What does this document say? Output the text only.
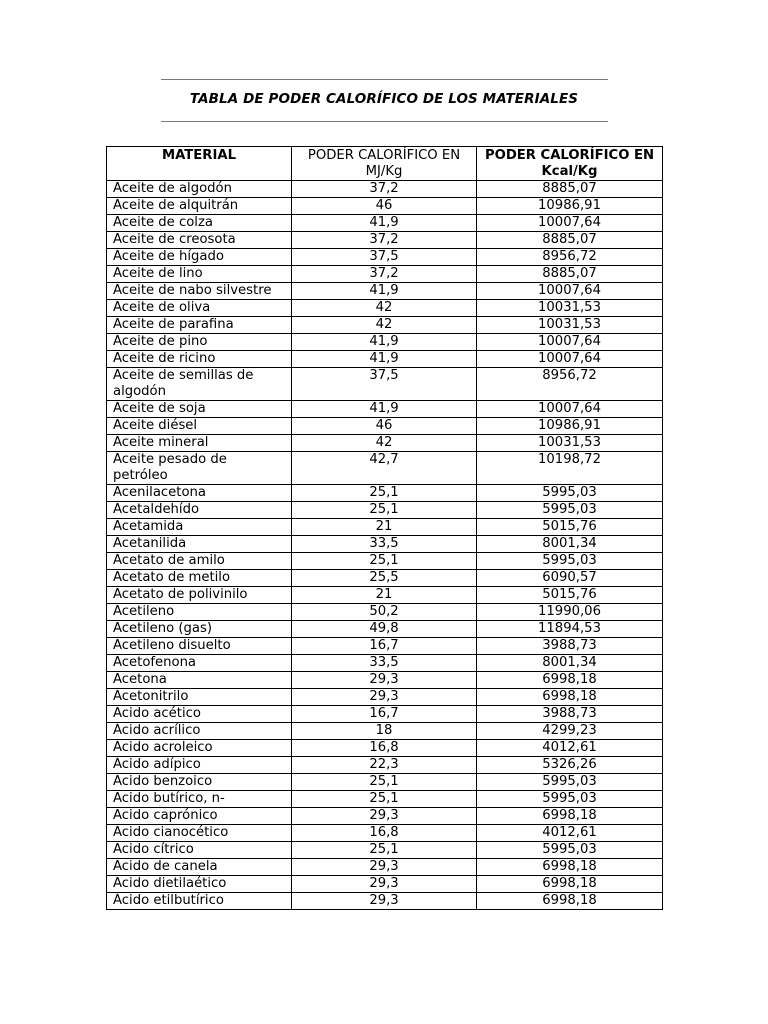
TABLA DE PODER CALORÍFICO DE LOS MATERIALES
MATERIAL	PODER CALORÍFICO EN MJ/Kg	PODER CALORÍFICO EN Kcal/Kg
Aceite de algodón	37,2	8885,07
Aceite de alquitrán	46	10986,91
Aceite de colza	41,9	10007,64
Aceite de creosota	37,2	8885,07
Aceite de hígado	37,5	8956,72
Aceite de lino	37,2	8885,07
Aceite de nabo silvestre	41,9	10007,64
Aceite de oliva	42	10031,53
Aceite de parafina	42	10031,53
Aceite de pino	41,9	10007,64
Aceite de ricino	41,9	10007,64
Aceite de semillas de algodón	37,5	8956,72
Aceite de soja	41,9	10007,64
Aceite diésel	46	10986,91
Aceite mineral	42	10031,53
Aceite pesado de petróleo	42,7	10198,72
Acenilacetona	25,1	5995,03
Acetaldehído	25,1	5995,03
Acetamida	21	5015,76
Acetanilida	33,5	8001,34
Acetato de amilo	25,1	5995,03
Acetato de metilo	25,5	6090,57
Acetato de polivinilo	21	5015,76
Acetileno	50,2	11990,06
Acetileno (gas)	49,8	11894,53
Acetileno disuelto	16,7	3988,73
Acetofenona	33,5	8001,34
Acetona	29,3	6998,18
Acetonitrilo	29,3	6998,18
Acido acético	16,7	3988,73
Ácido acrílico	18	4299,23
Ácido acroleico	16,8	4012,61
Ácido adípico	22,3	5326,26
Acido benzoico	25,1	5995,03
Acido butírico, n-	25,1	5995,03
Acido caprónico	29,3	6998,18
Acido cianocético	16,8	4012,61
Acido cítrico	25,1	5995,03
Acido de canela	29,3	6998,18
Acido dietilaético	29,3	6998,18
Ácido etilbutírico	29,3	6998,18
